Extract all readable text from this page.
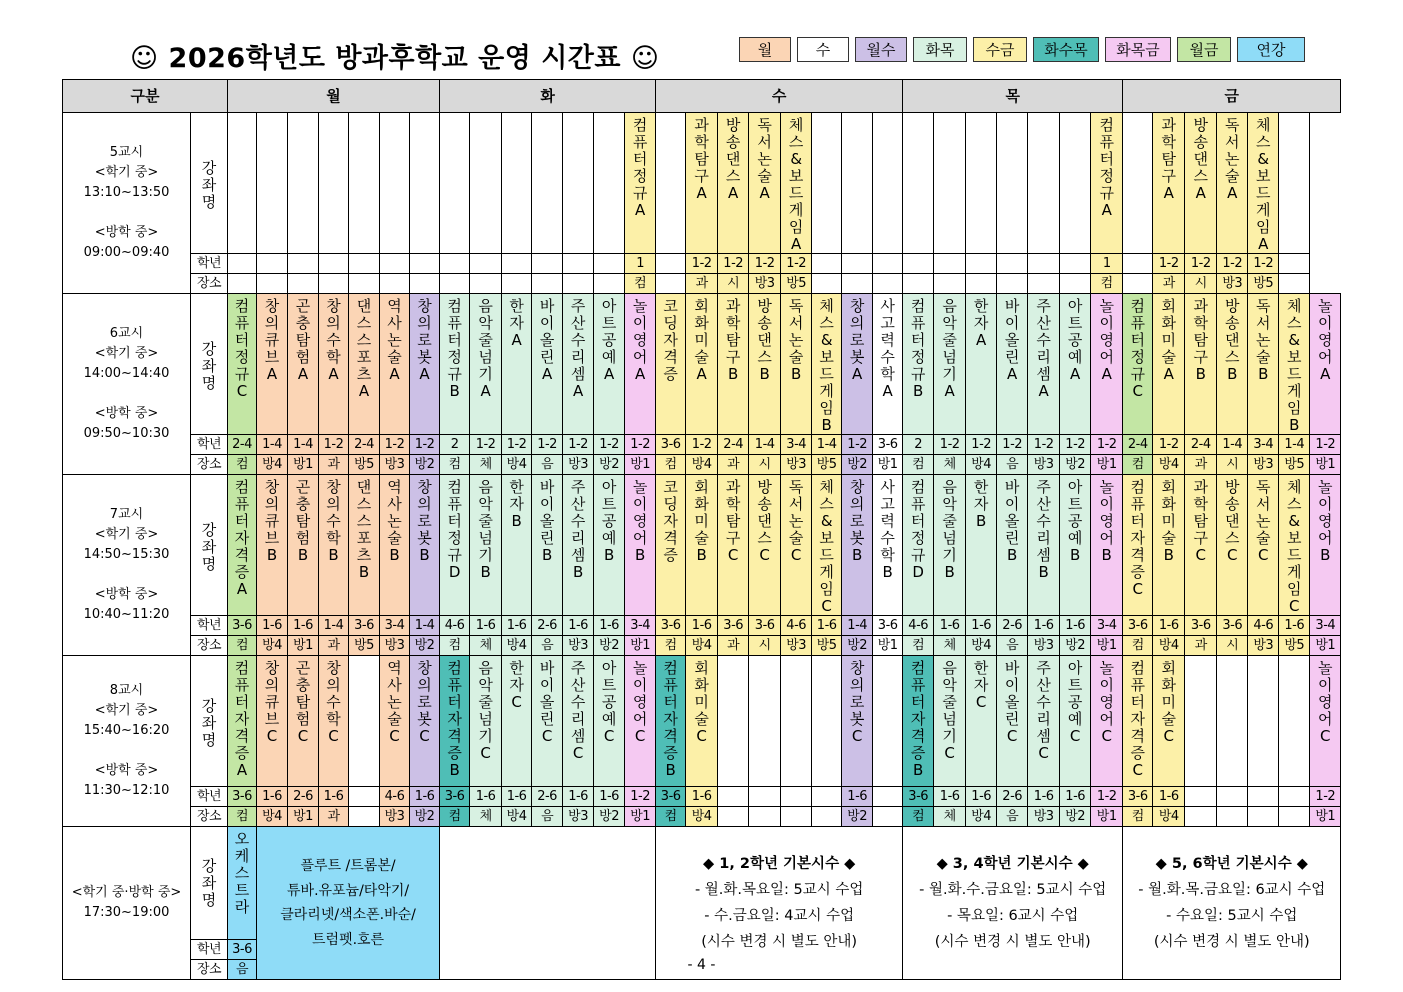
☺ 2026학년도 방과후학교 운영 시간표 ☺	월	수	월수	화목	수금	화수목	화목금	월금	연강
구분		월							화							수								목							금						

5교시
<학기 중>
13:10~13:50

<방학 중>
09:00~09:40	강좌명														컴퓨터정규A		과학탐구A	방송댄스A	독서논술A	체스&보드게임A										컴퓨터정규A		과학탐구A	방송댄스A	독서논술A	체스&보드게임A		

	학년														1		1-2	1-2	1-2	1-2										1		1-2	1-2	1-2	1-2		
	장소														컴		과	시	방3	방5										컴		과	시	방3	방5		

6교시
<학기 중>
14:00~14:40

<방학 중>
09:50~10:30	강좌명	컴퓨터정규C	창의큐브A	곤충탐험A	창의수학A	댄스스포츠A	역사논술A	창의로봇A	컴퓨터정규B	음악줄넘기A	한자A	바이올린A	주산수리셈A	아트공예A	놀이영어A	코딩자격증	회화미술A	과학탐구B	방송댄스B	독서논술B	체스&보드게임B	창의로봇A	사고력수학A	컴퓨터정규B	음악줄넘기A	한자A	바이올린A	주산수리셈A	아트공예A	놀이영어A	컴퓨터정규C	회화미술A	과학탐구B	방송댄스B	독서논술B	체스&보드게임B	놀이영어A

	학년	2-4	1-4	1-4	1-2	2-4	1-2	1-2	2	1-2	1-2	1-2	1-2	1-2	1-2	3-6	1-2	2-4	1-4	3-4	1-4	1-2	3-6	2	1-2	1-2	1-2	1-2	1-2	1-2	2-4	1-2	2-4	1-4	3-4	1-4	1-2
	장소	컴	방4	방1	과	방5	방3	방2	컴	체	방4	음	방3	방2	방1	컴	방4	과	시	방3	방5	방2	방1	컴	체	방4	음	방3	방2	방1	컴	방4	과	시	방3	방5	방1

7교시
<학기 중>
14:50~15:30

<방학 중>
10:40~11:20	강좌명	컴퓨터자격증A	창의큐브B	곤충탐험B	창의수학B	댄스스포츠B	역사논술B	창의로봇B	컴퓨터정규D	음악줄넘기B	한자B	바이올린B	주산수리셈B	아트공예B	놀이영어B	코딩자격증	회화미술B	과학탐구C	방송댄스C	독서논술C	체스&보드게임C	창의로봇B	사고력수학B	컴퓨터정규D	음악줄넘기B	한자B	바이올린B	주산수리셈B	아트공예B	놀이영어B	컴퓨터자격증C	회화미술B	과학탐구C	방송댄스C	독서논술C	체스&보드게임C	놀이영어B

	학년	3-6	1-6	1-6	1-4	3-6	3-4	1-4	4-6	1-6	1-6	2-6	1-6	1-6	3-4	3-6	1-6	3-6	3-6	4-6	1-6	1-4	3-6	4-6	1-6	1-6	2-6	1-6	1-6	3-4	3-6	1-6	3-6	3-6	4-6	1-6	3-4
	장소	컴	방4	방1	과	방5	방3	방2	컴	체	방4	음	방3	방2	방1	컴	방4	과	시	방3	방5	방2	방1	컴	체	방4	음	방3	방2	방1	컴	방4	과	시	방3	방5	방1

8교시
<학기 중>
15:40~16:20

<방학 중>
11:30~12:10	강좌명	컴퓨터자격증A	창의큐브C	곤충탐험C	창의수학C		역사논술C	창의로봇C	컴퓨터자격증B	음악줄넘기C	한자C	바이올린C	주산수리셈C	아트공예C	놀이영어C	컴퓨터자격증B	회화미술C					창의로봇C		컴퓨터자격증B	음악줄넘기C	한자C	바이올린C	주산수리셈C	아트공예C	놀이영어C	컴퓨터자격증C	회화미술C					놀이영어C

	학년	3-6	1-6	2-6	1-6		4-6	1-6	3-6	1-6	1-6	2-6	1-6	1-6	1-2	3-6	1-6					1-6		3-6	1-6	1-6	2-6	1-6	1-6	1-2	3-6	1-6					1-2
	장소	컴	방4	방1	과		방3	방2	컴	체	방4	음	방3	방2	방1	컴	방4					방2		컴	체	방4	음	방3	방2	방1	컴	방4					방1

<학기 중·방학 중>
17:30~19:00	강좌명	오케스트라	플루트 /트롬본/
튜바.유포늄/타악기/
클라리넷/색소폰.바순/
트럼펫.호른													◆ 1, 2학년 기본시수 ◆
- 월.화.목요일: 5교시 수업
- 수.금요일: 4교시 수업
(시수 변경 시 별도 안내)								◆ 3, 4학년 기본시수 ◆
- 월.화.수.금요일: 5교시 수업
- 목요일: 6교시 수업
(시수 변경 시 별도 안내)							◆ 5, 6학년 기본시수 ◆
- 월.화.목.금요일: 6교시 수업
- 수요일: 5교시 수업
(시수 변경 시 별도 안내)						

	학년	3-6																																			
	장소	음																																				- 4 -
